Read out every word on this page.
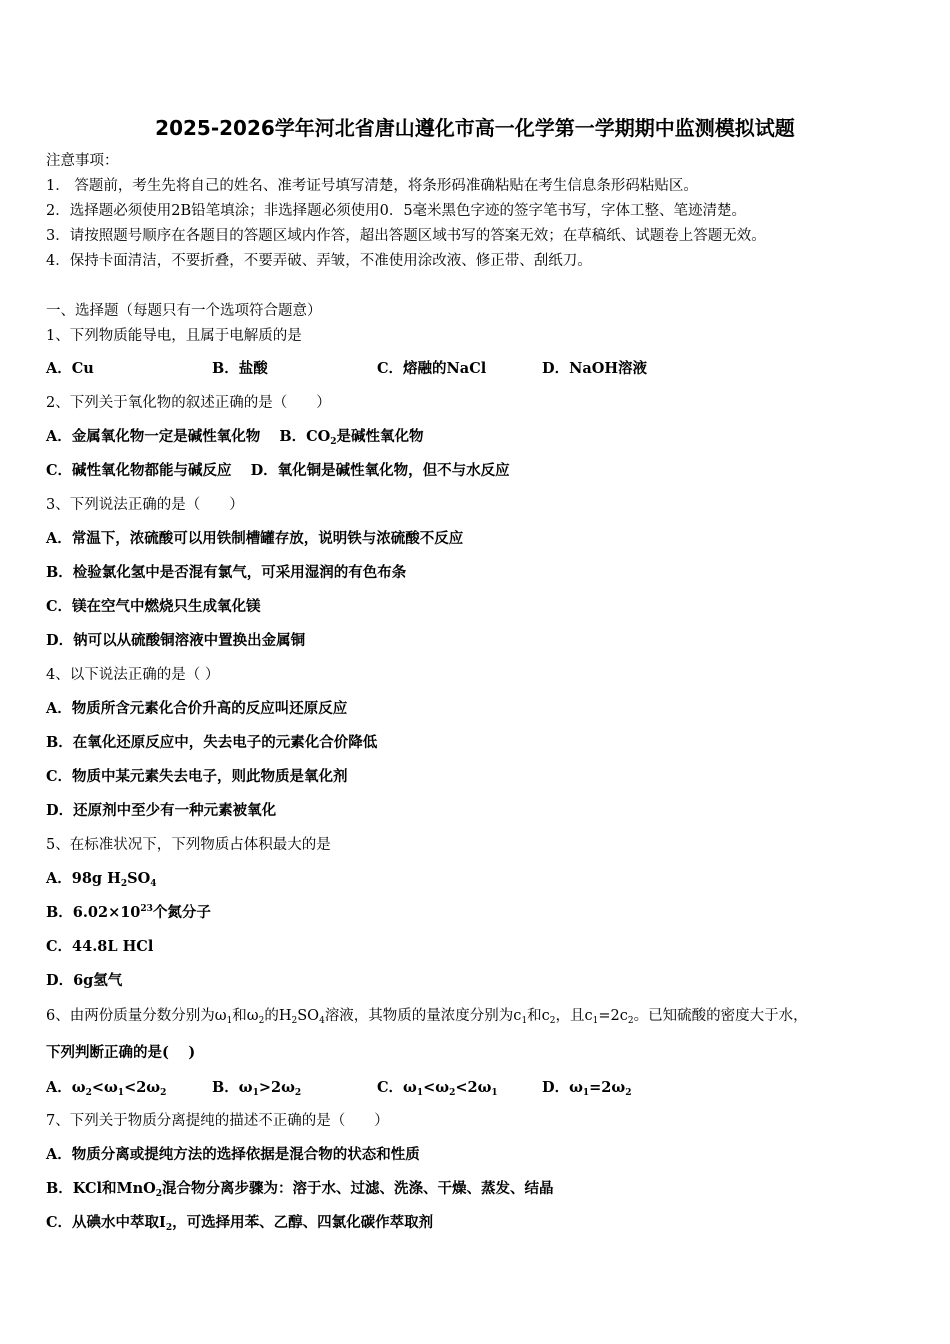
2025-2026学年河北省唐山遵化市高一化学第一学期期中监测模拟试题
注意事项：
1． 答题前，考生先将自己的姓名、准考证号填写清楚，将条形码准确粘贴在考生信息条形码粘贴区。
2．选择题必须使用2B铅笔填涂；非选择题必须使用0．5毫米黑色字迹的签字笔书写，字体工整、笔迹清楚。
3．请按照题号顺序在各题目的答题区域内作答，超出答题区域书写的答案无效；在草稿纸、试题卷上答题无效。
4．保持卡面清洁，不要折叠，不要弄破、弄皱，不准使用涂改液、修正带、刮纸刀。
一、选择题（每题只有一个选项符合题意）
1、下列物质能导电，且属于电解质的是
A．Cu	B．盐酸	C．熔融的NaCl	D．NaOH溶液
2、下列关于氧化物的叙述正确的是（　　）
A．金属氧化物一定是碱性氧化物 B．$CO_2$是碱性氧化物
C．碱性氧化物都能与碱反应 D．氧化铜是碱性氧化物，但不与水反应
3、下列说法正确的是（　　）
A．常温下，浓硫酸可以用铁制槽罐存放，说明铁与浓硫酸不反应
B．检验氯化氢中是否混有氯气，可采用湿润的有色布条
C．镁在空气中燃烧只生成氧化镁
D．钠可以从硫酸铜溶液中置换出金属铜
4、以下说法正确的是（ ）
A．物质所含元素化合价升高的反应叫还原反应
B．在氧化还原反应中，失去电子的元素化合价降低
C．物质中某元素失去电子，则此物质是氧化剂
D．还原剂中至少有一种元素被氧化
5、在标准状况下，下列物质占体积最大的是
A．98g $H_2SO_4$
B．$6.02\times 10^{23}$个氮分子
C．44.8L HCl
D．6g氢气
6、由两份质量分数分别为$\omega_1$和$\omega_2$的$H_2SO_4$溶液，其物质的量浓度分别为$c_1$和$c_2$，且$c_1=2c_2$。已知硫酸的密度大于水，
下列判断正确的是(　 )
A．$\omega_2<\omega_1<2\omega_2$	B．$\omega_1>2\omega_2$	C．$\omega_1<\omega_2<2\omega_1$	D．$\omega_1=2\omega_2$
7、下列关于物质分离提纯的描述不正确的是（　　）
A．物质分离或提纯方法的选择依据是混合物的状态和性质
B．KCl和MnO$_2$混合物分离步骤为：溶于水、过滤、洗涤、干燥、蒸发、结晶
C．从碘水中萃取$I_2$，可选择用苯、乙醇、四氯化碳作萃取剂
